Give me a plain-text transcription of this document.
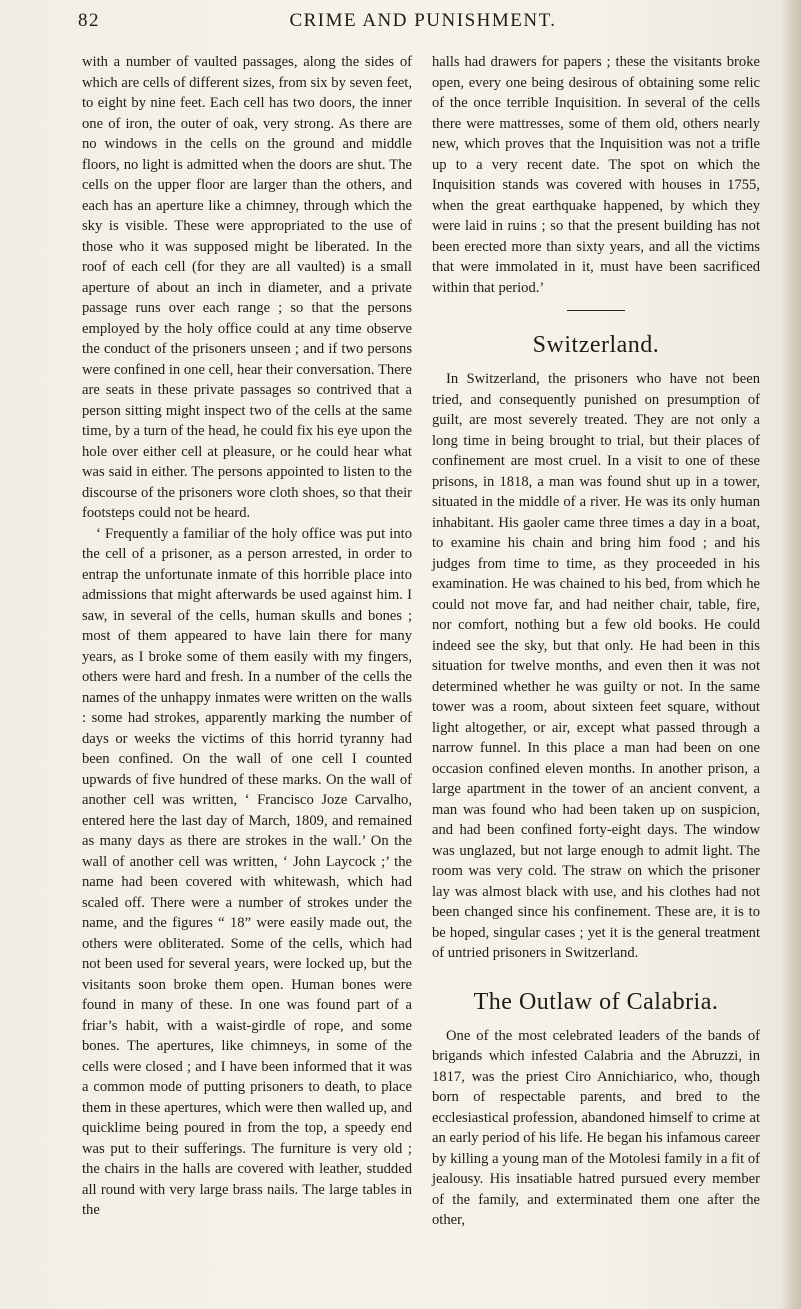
82	CRIME AND PUNISHMENT.

with a number of vaulted passages, along the sides of which are cells of different sizes, from six by seven feet, to eight by nine feet. Each cell has two doors, the inner one of iron, the outer of oak, very strong. As there are no windows in the cells on the ground and middle floors, no light is admitted when the doors are shut. The cells on the upper floor are larger than the others, and each has an aperture like a chimney, through which the sky is visible. These were appropriated to the use of those who it was supposed might be liberated. In the roof of each cell (for they are all vaulted) is a small aperture of about an inch in diameter, and a private passage runs over each range ; so that the persons employed by the holy office could at any time observe the conduct of the prisoners unseen ; and if two persons were confined in one cell, hear their conversation. There are seats in these private passages so contrived that a person sitting might inspect two of the cells at the same time, by a turn of the head, he could fix his eye upon the hole over either cell at pleasure, or he could hear what was said in either. The persons appointed to listen to the discourse of the prisoners wore cloth shoes, so that their footsteps could not be heard.

‘ Frequently a familiar of the holy office was put into the cell of a prisoner, as a person arrested, in order to entrap the unfortunate inmate of this horrible place into admissions that might afterwards be used against him. I saw, in several of the cells, human skulls and bones ; most of them appeared to have lain there for many years, as I broke some of them easily with my fingers, others were hard and fresh. In a number of the cells the names of the unhappy inmates were written on the walls : some had strokes, apparently marking the number of days or weeks the victims of this horrid tyranny had been confined. On the wall of one cell I counted upwards of five hundred of these marks. On the wall of another cell was written, ‘ Francisco Joze Carvalho, entered here the last day of March, 1809, and remained as many days as there are strokes in the wall.’ On the wall of another cell was written, ‘ John Laycock ;’ the name had been covered with whitewash, which had scaled off. There were a number of strokes under the name, and the figures “ 18” were easily made out, the others were obliterated. Some of the cells, which had not been used for several years, were locked up, but the visitants soon broke them open. Human bones were found in many of these. In one was found part of a friar’s habit, with a waist-girdle of rope, and some bones. The apertures, like chimneys, in some of the cells were closed ; and I have been informed that it was a common mode of putting prisoners to death, to place them in these apertures, which were then walled up, and quicklime being poured in from the top, a speedy end was put to their sufferings. The furniture is very old ; the chairs in the halls are covered with leather, studded all round with very large brass nails. The large tables in the

halls had drawers for papers ; these the visitants broke open, every one being desirous of obtaining some relic of the once terrible Inquisition. In several of the cells there were mattresses, some of them old, others nearly new, which proves that the Inquisition was not a trifle up to a very recent date. The spot on which the Inquisition stands was covered with houses in 1755, when the great earthquake happened, by which they were laid in ruins ; so that the present building has not been erected more than sixty years, and all the victims that were immolated in it, must have been sacrificed within that period.’

Switzerland.

In Switzerland, the prisoners who have not been tried, and consequently punished on presumption of guilt, are most severely treated. They are not only a long time in being brought to trial, but their places of confinement are most cruel. In a visit to one of these prisons, in 1818, a man was found shut up in a tower, situated in the middle of a river. He was its only human inhabitant. His gaoler came three times a day in a boat, to examine his chain and bring him food ; and his judges from time to time, as they proceeded in his examination. He was chained to his bed, from which he could not move far, and had neither chair, table, fire, nor comfort, nothing but a few old books. He could indeed see the sky, but that only. He had been in this situation for twelve months, and even then it was not determined whether he was guilty or not. In the same tower was a room, about sixteen feet square, without light altogether, or air, except what passed through a narrow funnel. In this place a man had been on one occasion confined eleven months. In another prison, a large apartment in the tower of an ancient convent, a man was found who had been taken up on suspicion, and had been confined forty-eight days. The window was unglazed, but not large enough to admit light. The room was very cold. The straw on which the prisoner lay was almost black with use, and his clothes had not been changed since his confinement. These are, it is to be hoped, singular cases ; yet it is the general treatment of untried prisoners in Switzerland.

The Outlaw of Calabria.

One of the most celebrated leaders of the bands of brigands which infested Calabria and the Abruzzi, in 1817, was the priest Ciro Annichiarico, who, though born of respectable parents, and bred to the ecclesiastical profession, abandoned himself to crime at an early period of his life. He began his infamous career by killing a young man of the Motolesi family in a fit of jealousy. His insatiable hatred pursued every member of the family, and exterminated them one after the other,
